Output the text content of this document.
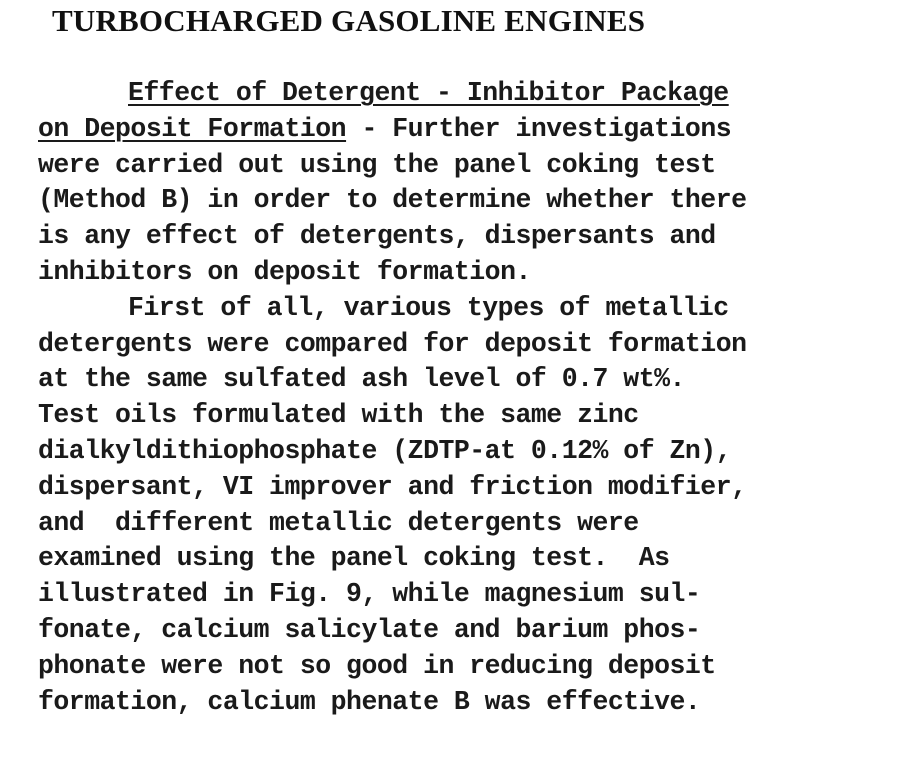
TURBOCHARGED GASOLINE ENGINES
Effect of Detergent - Inhibitor Package
on Deposit Formation - Further investigations
were carried out using the panel coking test
(Method B) in order to determine whether there
is any effect of detergents, dispersants and
inhibitors on deposit formation.
First of all, various types of metallic
detergents were compared for deposit formation
at the same sulfated ash level of 0.7 wt%.
Test oils formulated with the same zinc
dialkyldithiophosphate (ZDTP-at 0.12% of Zn),
dispersant, VI improver and friction modifier,
and  different metallic detergents were
examined using the panel coking test.  As
illustrated in Fig. 9, while magnesium sul-
fonate, calcium salicylate and barium phos-
phonate were not so good in reducing deposit
formation, calcium phenate B was effective.
